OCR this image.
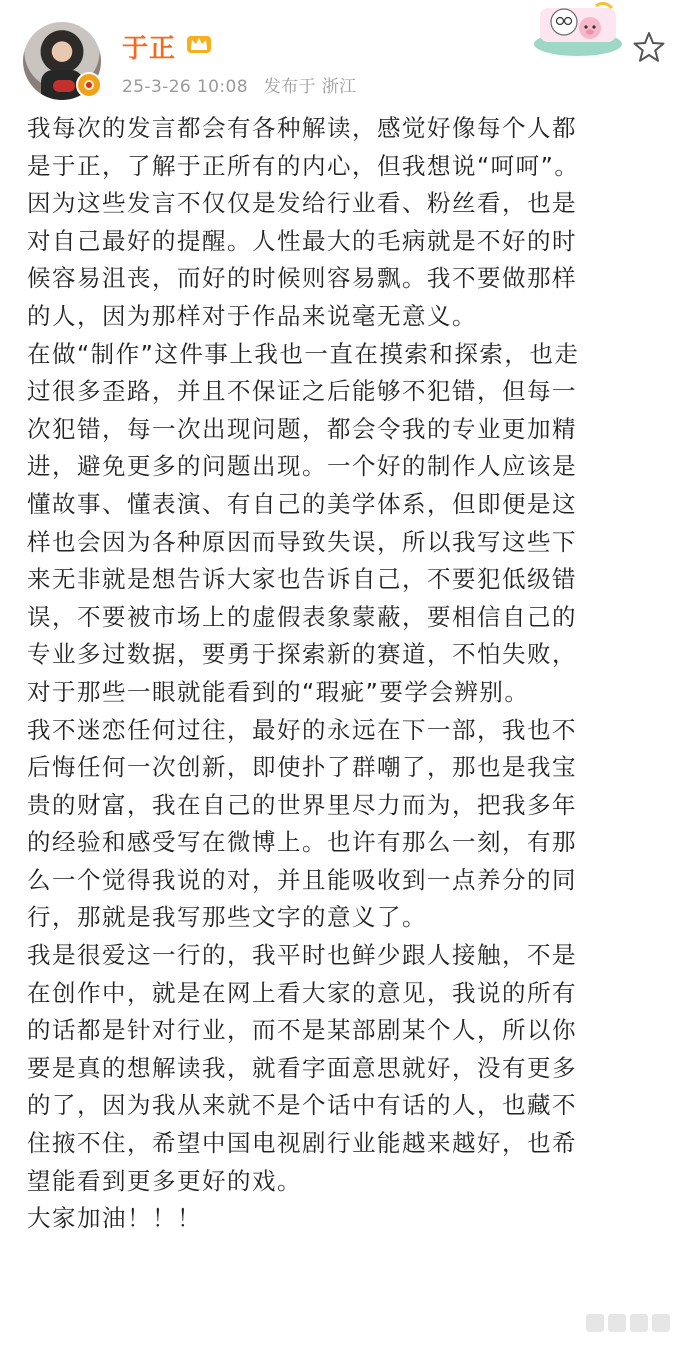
于正
25-3-26 10:08 发布于 浙江

我每次的发言都会有各种解读，感觉好像每个人都

是于正，了解于正所有的内心，但我想说“呵呵”。

因为这些发言不仅仅是发给行业看、粉丝看，也是

对自己最好的提醒。人性最大的毛病就是不好的时

候容易沮丧，而好的时候则容易飘。我不要做那样

的人，因为那样对于作品来说毫无意义。

在做“制作”这件事上我也一直在摸索和探索，也走

过很多歪路，并且不保证之后能够不犯错，但每一

次犯错，每一次出现问题，都会令我的专业更加精

进，避免更多的问题出现。一个好的制作人应该是

懂故事、懂表演、有自己的美学体系，但即便是这

样也会因为各种原因而导致失误，所以我写这些下

来无非就是想告诉大家也告诉自己，不要犯低级错

误，不要被市场上的虚假表象蒙蔽，要相信自己的

专业多过数据，要勇于探索新的赛道，不怕失败，

对于那些一眼就能看到的“瑕疵”要学会辨别。

我不迷恋任何过往，最好的永远在下一部，我也不

后悔任何一次创新，即使扑了群嘲了，那也是我宝

贵的财富，我在自己的世界里尽力而为，把我多年

的经验和感受写在微博上。也许有那么一刻，有那

么一个觉得我说的对，并且能吸收到一点养分的同

行，那就是我写那些文字的意义了。

我是很爱这一行的，我平时也鲜少跟人接触，不是

在创作中，就是在网上看大家的意见，我说的所有

的话都是针对行业，而不是某部剧某个人，所以你

要是真的想解读我，就看字面意思就好，没有更多

的了，因为我从来就不是个话中有话的人，也藏不

住掖不住，希望中国电视剧行业能越来越好，也希

望能看到更多更好的戏。

大家加油！！！
